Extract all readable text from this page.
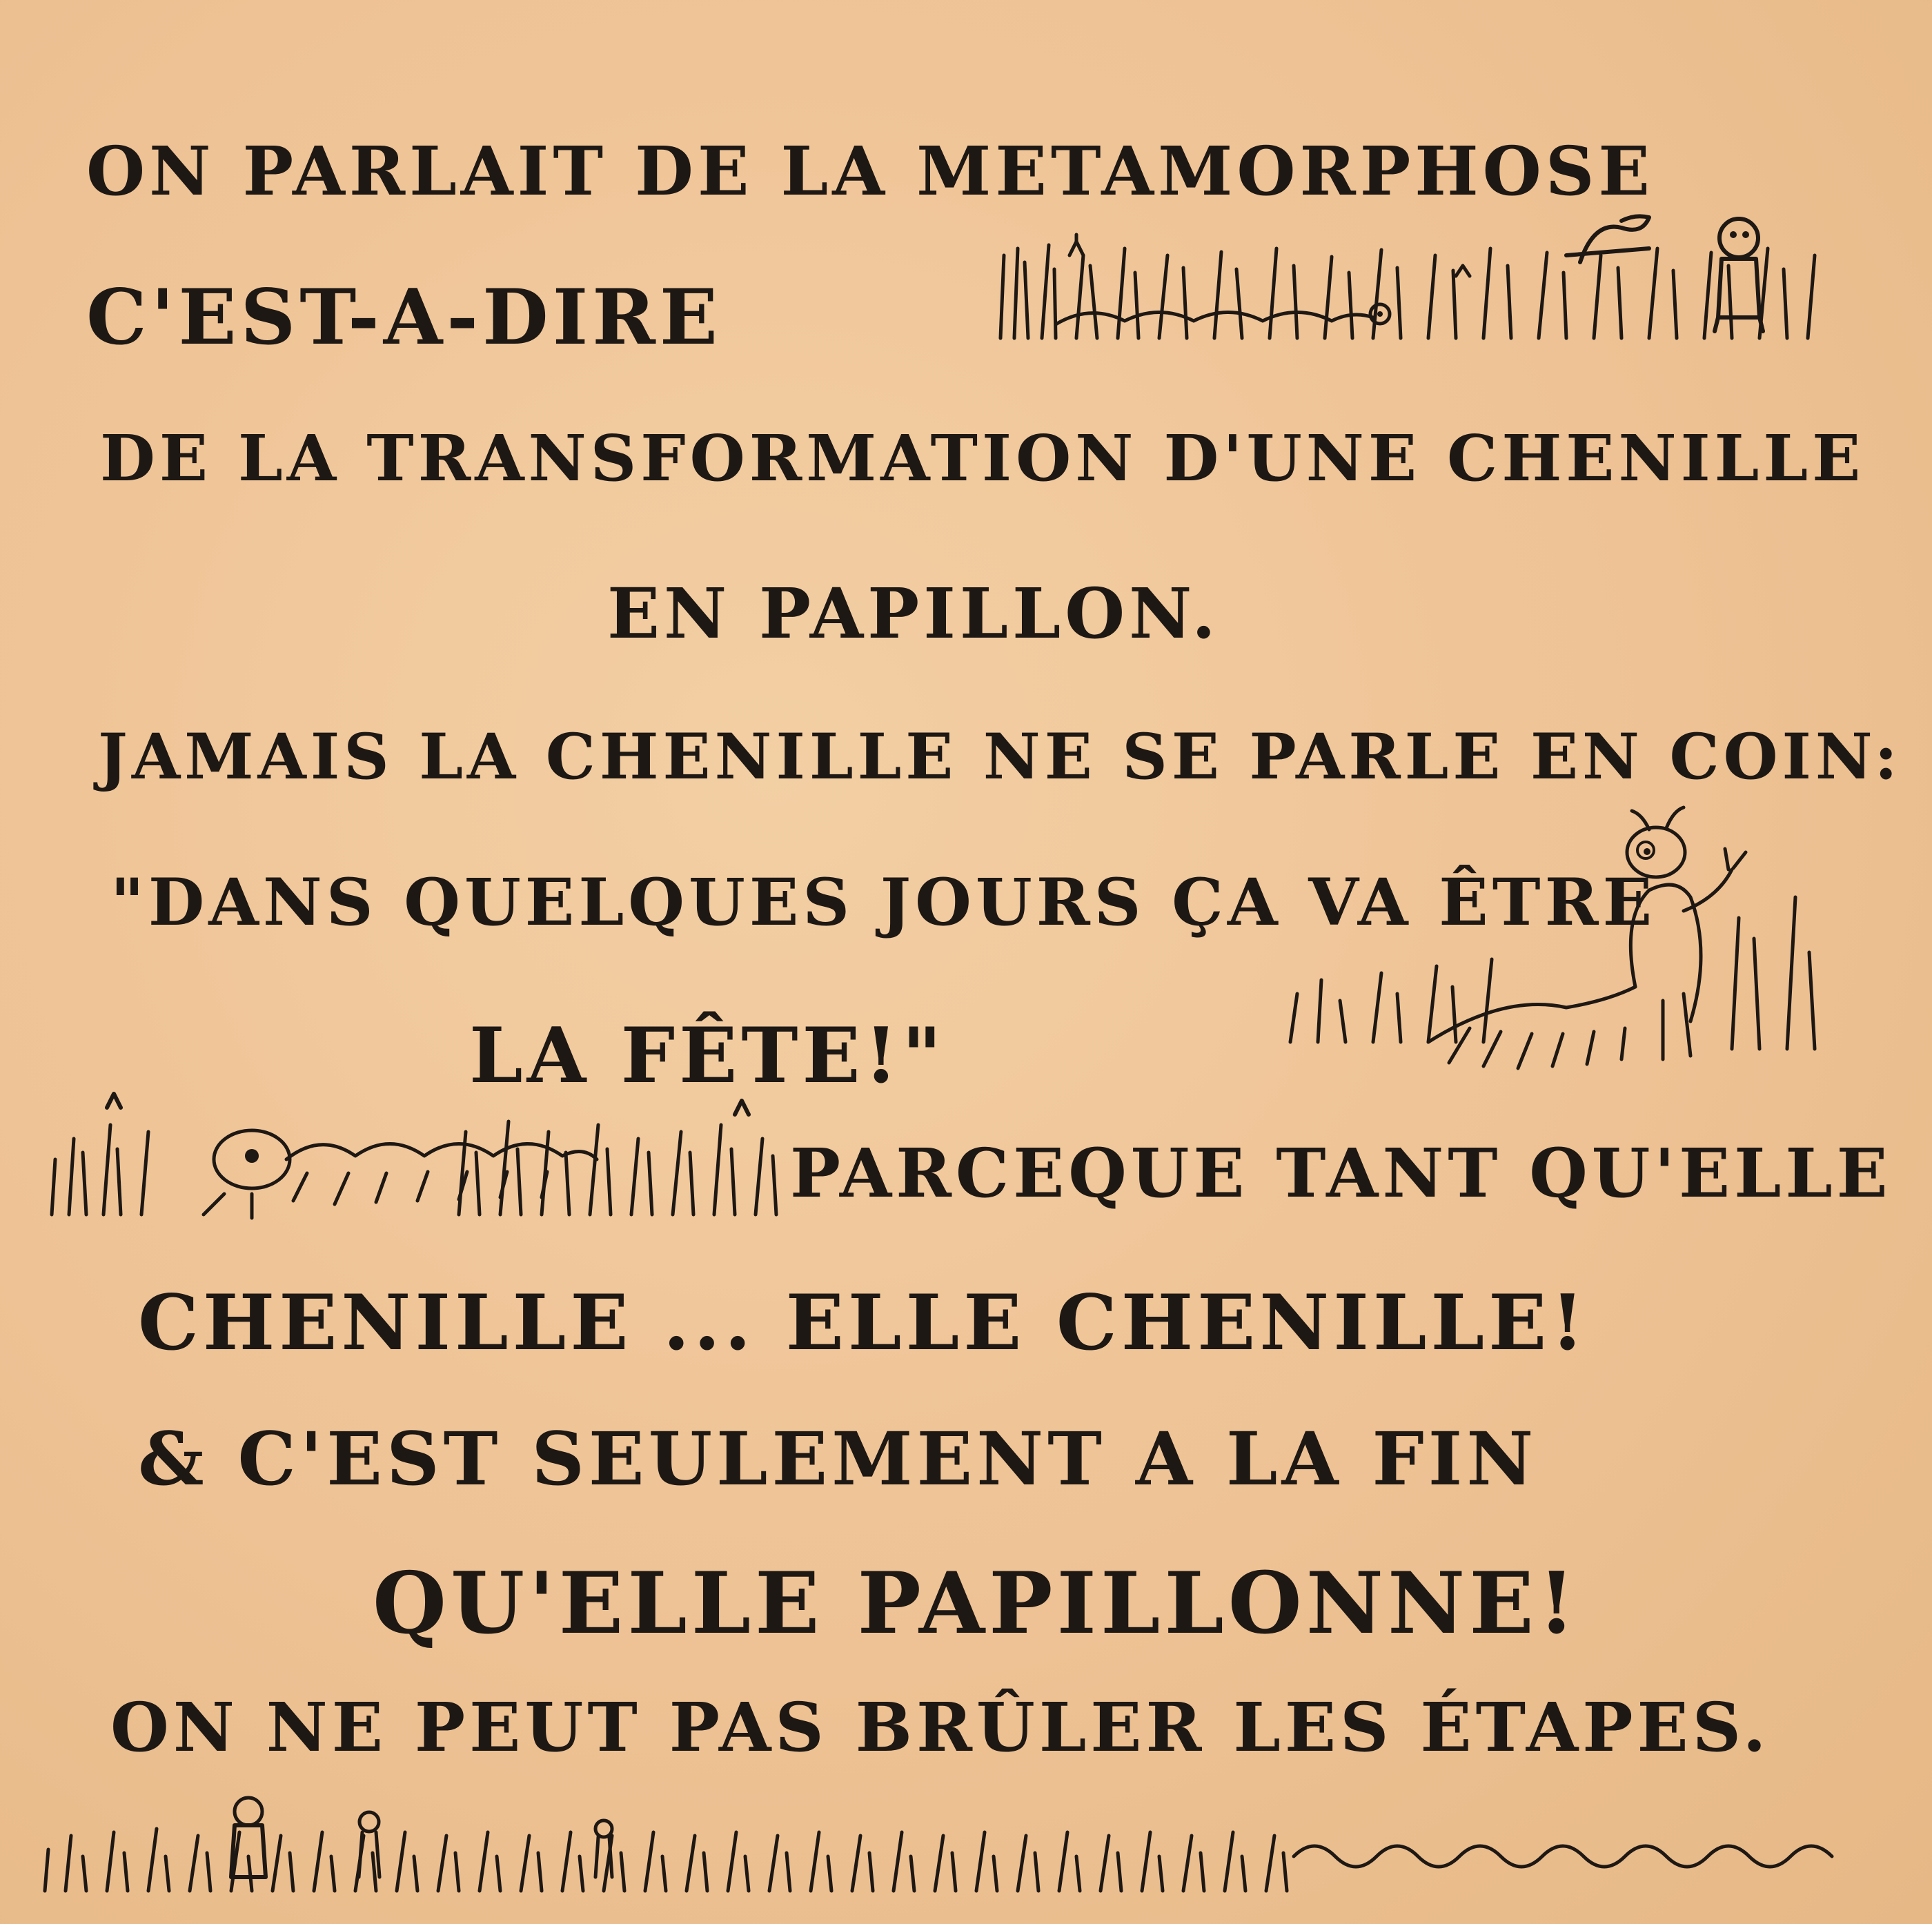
ON PARLAIT DE LA METAMORPHOSE
C'EST-A-DIRE
DE LA TRANSFORMATION D'UNE CHENILLE
EN PAPILLON.
JAMAIS LA CHENILLE NE SE PARLE EN COIN:
"DANS QUELQUES JOURS ÇA VA ÊTRE
LA FÊTE!"
PARCEQUE TANT QU'ELLE
CHENILLE ... ELLE CHENILLE!
& C'EST SEULEMENT A LA FIN
QU'ELLE PAPILLONNE!
ON NE PEUT PAS BRÛLER LES ÉTAPES.
